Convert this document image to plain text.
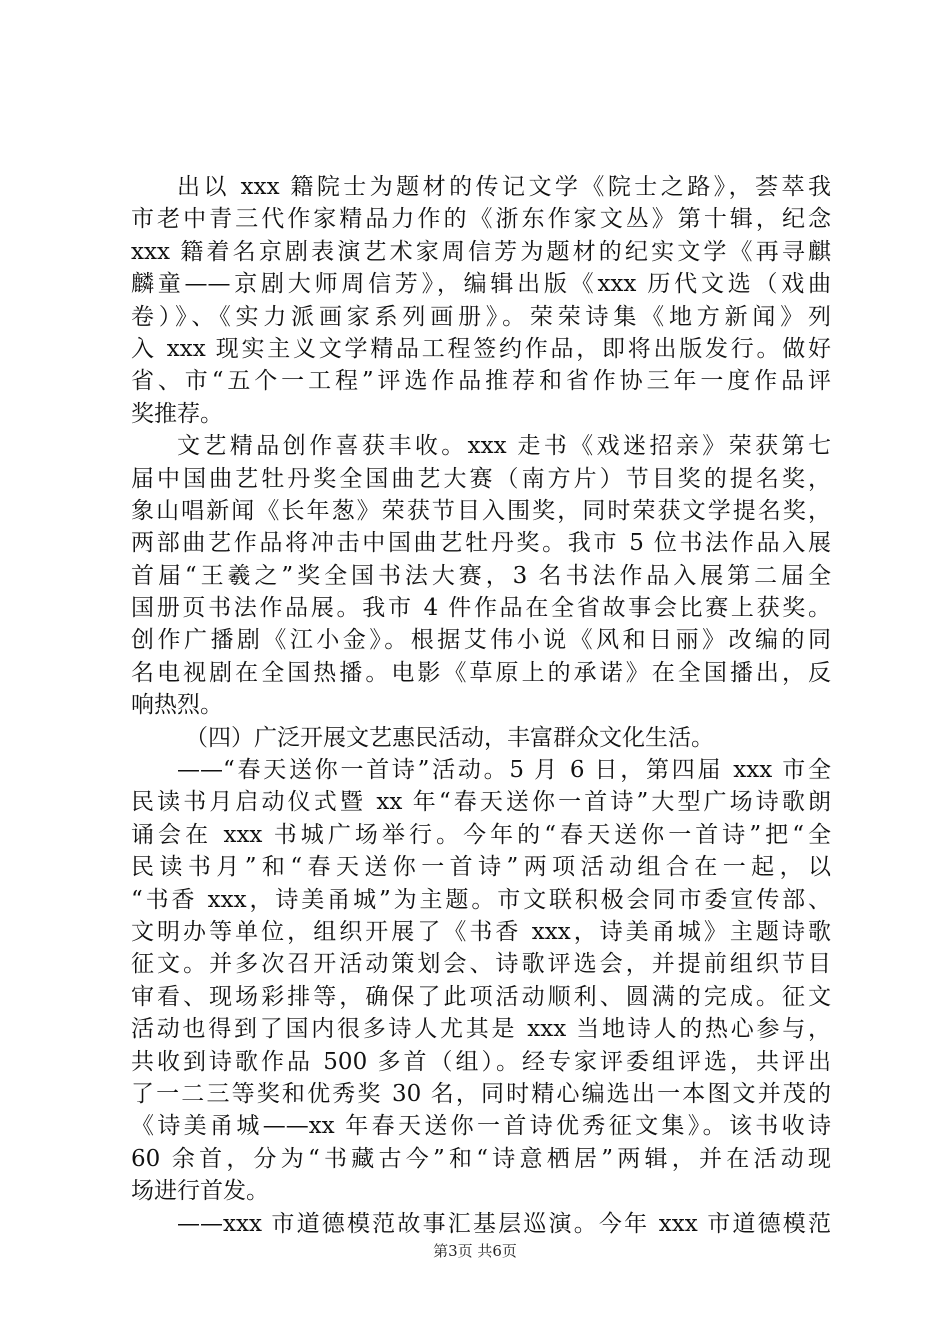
出以 xxx 籍院士为题材的传记文学《院士之路》，荟萃我
市老中青三代作家精品力作的《浙东作家文丛》第十辑，纪念
xxx 籍着名京剧表演艺术家周信芳为题材的纪实文学《再寻麒
麟童——京剧大师周信芳》，编辑出版《xxx 历代文选（戏曲
卷）》、《实力派画家系列画册》。荣荣诗集《地方新闻》列
入 xxx 现实主义文学精品工程签约作品，即将出版发行。做好
省、市“五个一工程”评选作品推荐和省作协三年一度作品评
奖推荐。
文艺精品创作喜获丰收。xxx 走书《戏迷招亲》荣获第七
届中国曲艺牡丹奖全国曲艺大赛（南方片）节目奖的提名奖，
象山唱新闻《长年葱》荣获节目入围奖，同时荣获文学提名奖，
两部曲艺作品将冲击中国曲艺牡丹奖。我市 5 位书法作品入展
首届“王羲之”奖全国书法大赛，3 名书法作品入展第二届全
国册页书法作品展。我市 4 件作品在全省故事会比赛上获奖。
创作广播剧《江小金》。根据艾伟小说《风和日丽》改编的同
名电视剧在全国热播。电影《草原上的承诺》在全国播出，反
响热烈。
（四）广泛开展文艺惠民活动，丰富群众文化生活。
——“春天送你一首诗”活动。5 月 6 日，第四届 xxx 市全
民读书月启动仪式暨 xx 年“春天送你一首诗”大型广场诗歌朗
诵会在 xxx 书城广场举行。今年的“春天送你一首诗”把“全
民读书月”和“春天送你一首诗”两项活动组合在一起，以
“书香 xxx，诗美甬城”为主题。市文联积极会同市委宣传部、
文明办等单位，组织开展了《书香 xxx，诗美甬城》主题诗歌
征文。并多次召开活动策划会、诗歌评选会，并提前组织节目
审看、现场彩排等，确保了此项活动顺利、圆满的完成。征文
活动也得到了国内很多诗人尤其是 xxx 当地诗人的热心参与，
共收到诗歌作品 500 多首（组）。经专家评委组评选，共评出
了一二三等奖和优秀奖 30 名，同时精心编选出一本图文并茂的
《诗美甬城——xx 年春天送你一首诗优秀征文集》。该书收诗
60 余首，分为“书藏古今”和“诗意栖居”两辑，并在活动现
场进行首发。
——xxx 市道德模范故事汇基层巡演。今年 xxx 市道德模范
第3页 共6页
